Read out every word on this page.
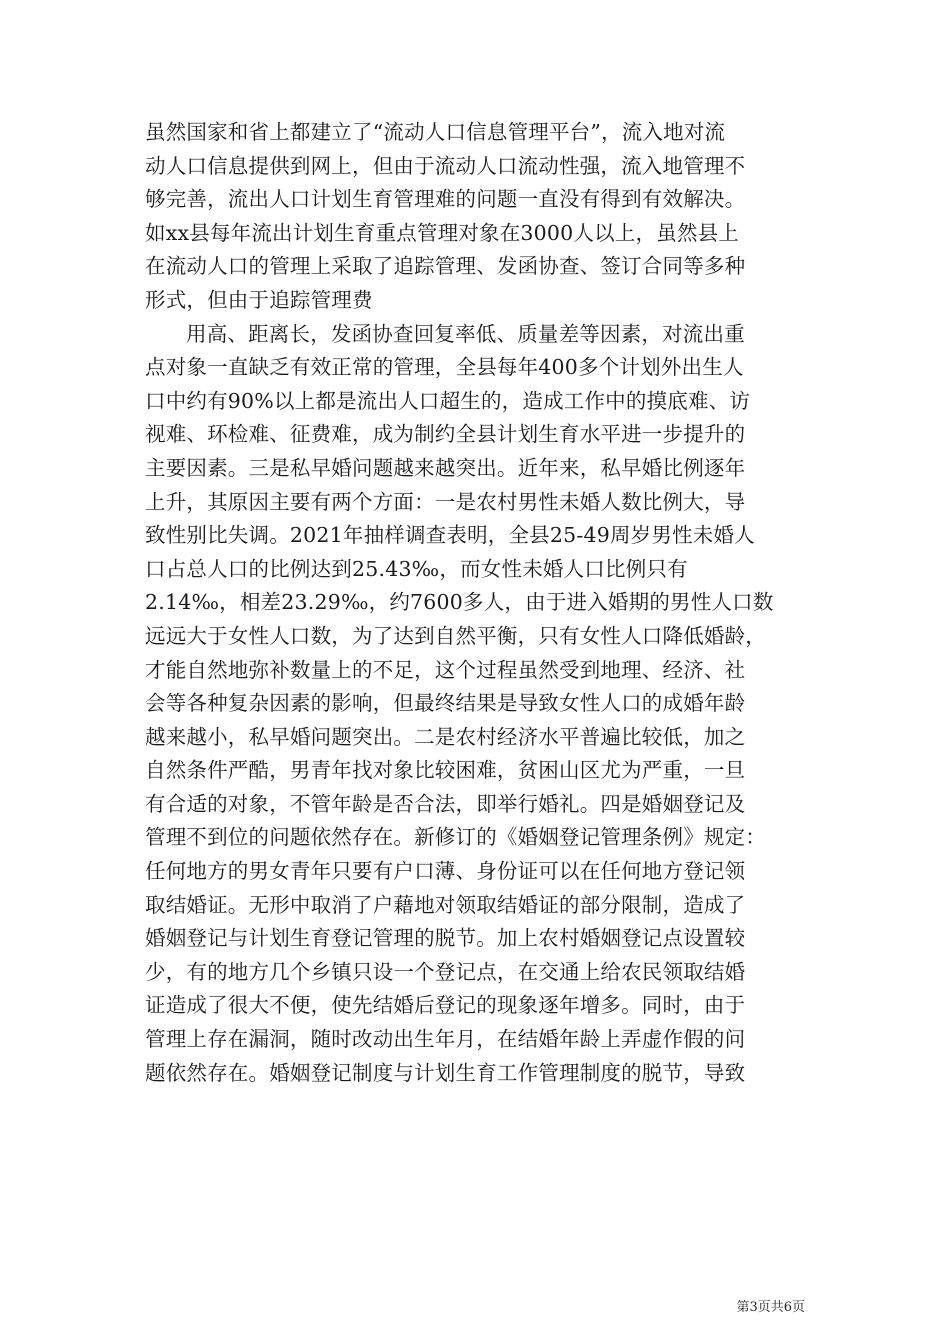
虽然国家和省上都建立了“流动人口信息管理平台”，流入地对流
动人口信息提供到网上，但由于流动人口流动性强，流入地管理不
够完善，流出人口计划生育管理难的问题一直没有得到有效解决。
如xx县每年流出计划生育重点管理对象在3000人以上，虽然县上
在流动人口的管理上采取了追踪管理、发函协查、签订合同等多种
形式，但由于追踪管理费
用高、距离长，发函协查回复率低、质量差等因素，对流出重
点对象一直缺乏有效正常的管理，全县每年400多个计划外出生人
口中约有90%以上都是流出人口超生的，造成工作中的摸底难、访
视难、环检难、征费难，成为制约全县计划生育水平进一步提升的
主要因素。三是私早婚问题越来越突出。近年来，私早婚比例逐年
上升，其原因主要有两个方面：一是农村男性未婚人数比例大，导
致性别比失调。2021年抽样调查表明，全县25-49周岁男性未婚人
口占总人口的比例达到25.43‰，而女性未婚人口比例只有
2.14‰，相差23.29‰，约7600多人，由于进入婚期的男性人口数
远远大于女性人口数，为了达到自然平衡，只有女性人口降低婚龄，
才能自然地弥补数量上的不足，这个过程虽然受到地理、经济、社
会等各种复杂因素的影响，但最终结果是导致女性人口的成婚年龄
越来越小，私早婚问题突出。二是农村经济水平普遍比较低，加之
自然条件严酷，男青年找对象比较困难，贫困山区尤为严重，一旦
有合适的对象，不管年龄是否合法，即举行婚礼。四是婚姻登记及
管理不到位的问题依然存在。新修订的《婚姻登记管理条例》规定：
任何地方的男女青年只要有户口薄、身份证可以在任何地方登记领
取结婚证。无形中取消了户藉地对领取结婚证的部分限制，造成了
婚姻登记与计划生育登记管理的脱节。加上农村婚姻登记点设置较
少，有的地方几个乡镇只设一个登记点，在交通上给农民领取结婚
证造成了很大不便，使先结婚后登记的现象逐年增多。同时，由于
管理上存在漏洞，随时改动出生年月，在结婚年龄上弄虚作假的问
题依然存在。婚姻登记制度与计划生育工作管理制度的脱节，导致
第3页共6页
